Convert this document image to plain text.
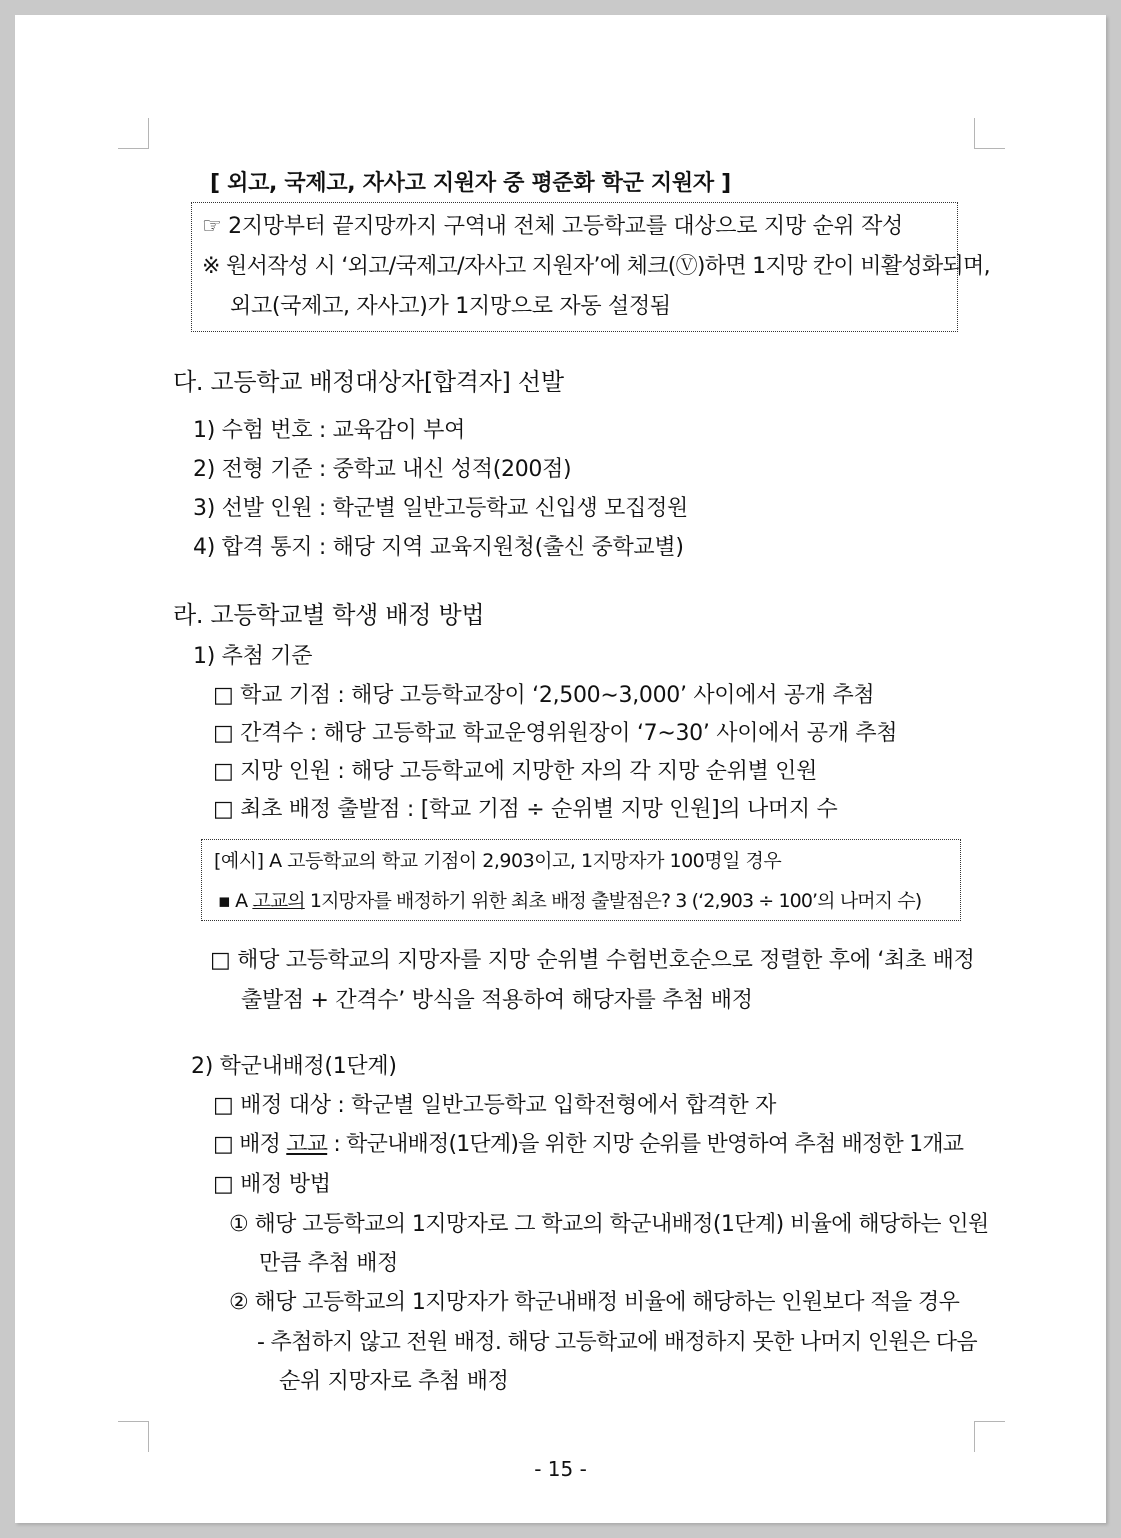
[ 외고, 국제고, 자사고 지원자 중 평준화 학군 지원자 ]
☞ 2지망부터 끝지망까지 구역내 전체 고등학교를 대상으로 지망 순위 작성
※ 원서작성 시 ‘외고/국제고/자사고 지원자’에 체크(Ⓥ)하면 1지망 칸이 비활성화되며,
외고(국제고, 자사고)가 1지망으로 자동 설정됨
다. 고등학교 배정대상자[합격자] 선발
1) 수험 번호 : 교육감이 부여
2) 전형 기준 : 중학교 내신 성적(200점)
3) 선발 인원 : 학군별 일반고등학교 신입생 모집정원
4) 합격 통지 : 해당 지역 교육지원청(출신 중학교별)
라. 고등학교별 학생 배정 방법
1) 추첨 기준
□ 학교 기점 : 해당 고등학교장이 ‘2,500∼3,000’ 사이에서 공개 추첨
□ 간격수 : 해당 고등학교 학교운영위원장이 ‘7~30’ 사이에서 공개 추첨
□ 지망 인원 : 해당 고등학교에 지망한 자의 각 지망 순위별 인원
□ 최초 배정 출발점 : [학교 기점 ÷ 순위별 지망 인원]의 나머지 수
[예시] A 고등학교의 학교 기점이 2,903이고, 1지망자가 100명일 경우
▪ A 고교의 1지망자를 배정하기 위한 최초 배정 출발점은? 3 (‘2,903 ÷ 100’의 나머지 수)
□ 해당 고등학교의 지망자를 지망 순위별 수험번호순으로 정렬한 후에 ‘최초 배정
출발점 + 간격수’ 방식을 적용하여 해당자를 추첨 배정
2) 학군내배정(1단계)
□ 배정 대상 : 학군별 일반고등학교 입학전형에서 합격한 자
□ 배정 고교 : 학군내배정(1단계)을 위한 지망 순위를 반영하여 추첨 배정한 1개교
□ 배정 방법
① 해당 고등학교의 1지망자로 그 학교의 학군내배정(1단계) 비율에 해당하는 인원
만큼 추첨 배정
② 해당 고등학교의 1지망자가 학군내배정 비율에 해당하는 인원보다 적을 경우
- 추첨하지 않고 전원 배정. 해당 고등학교에 배정하지 못한 나머지 인원은 다음
순위 지망자로 추첨 배정
- 15 -
